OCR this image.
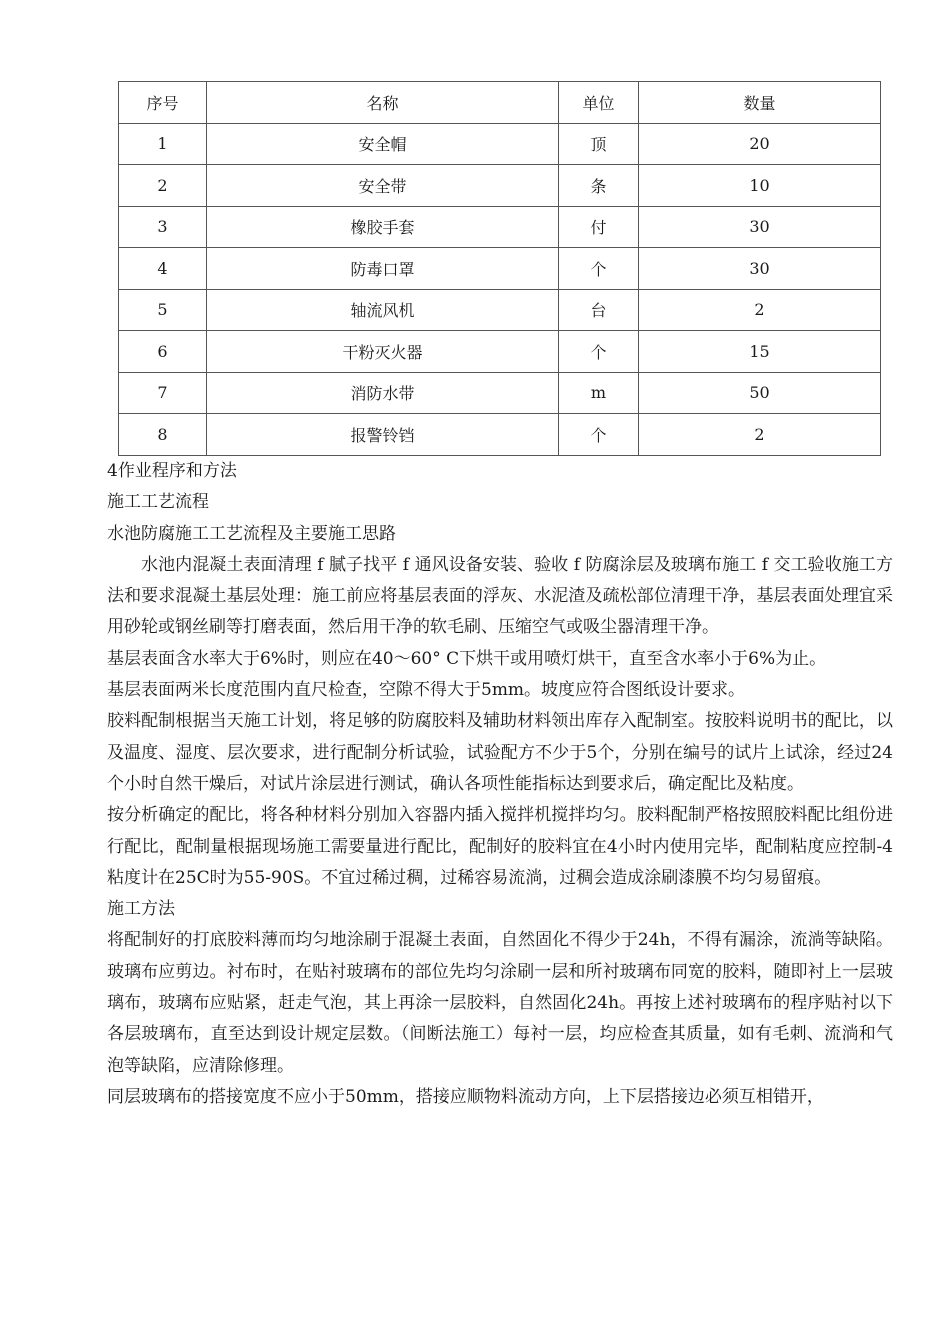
序号	名称	单位	数量
1	安全帽	顶	20
2	安全带	条	10
3	橡胶手套	付	30
4	防毒口罩	个	30
5	轴流风机	台	2
6	干粉灭火器	个	15
7	消防水带	m	50
8	报警铃铛	个	2

4作业程序和方法

施工工艺流程

水池防腐施工工艺流程及主要施工思路

水池内混凝土表面清理 f 腻子找平 f 通风设备安装、验收 f 防腐涂层及玻璃布施工 f 交工验收施工方法和要求混凝土基层处理：施工前应将基层表面的浮灰、水泥渣及疏松部位清理干净，基层表面处理宜采用砂轮或钢丝刷等打磨表面，然后用干净的软毛刷、压缩空气或吸尘器清理干净。

基层表面含水率大于6%时，则应在40〜60° C下烘干或用喷灯烘干，直至含水率小于6%为止。

基层表面两米长度范围内直尺检查，空隙不得大于5mm。坡度应符合图纸设计要求。

胶料配制根据当天施工计划，将足够的防腐胶料及辅助材料领出库存入配制室。按胶料说明书的配比，以及温度、湿度、层次要求，进行配制分析试验，试验配方不少于5个，分别在编号的试片上试涂，经过24个小时自然干燥后，对试片涂层进行测试，确认各项性能指标达到要求后，确定配比及粘度。

按分析确定的配比，将各种材料分别加入容器内插入搅拌机搅拌均匀。胶料配制严格按照胶料配比组份进行配比，配制量根据现场施工需要量进行配比，配制好的胶料宜在4小时内使用完毕，配制粘度应控制-4粘度计在25C时为55-90S。不宜过稀过稠，过稀容易流淌，过稠会造成涂刷漆膜不均匀易留痕。

施工方法

将配制好的打底胶料薄而均匀地涂刷于混凝土表面，自然固化不得少于24h，不得有漏涂，流淌等缺陷。玻璃布应剪边。衬布时，在贴衬玻璃布的部位先均匀涂刷一层和所衬玻璃布同宽的胶料，随即衬上一层玻璃布，玻璃布应贴紧，赶走气泡，其上再涂一层胶料，自然固化24h。再按上述衬玻璃布的程序贴衬以下各层玻璃布，直至达到设计规定层数。（间断法施工）每衬一层，均应检查其质量，如有毛刺、流淌和气泡等缺陷，应清除修理。

同层玻璃布的搭接宽度不应小于50mm，搭接应顺物料流动方向，上下层搭接边必须互相错开，
